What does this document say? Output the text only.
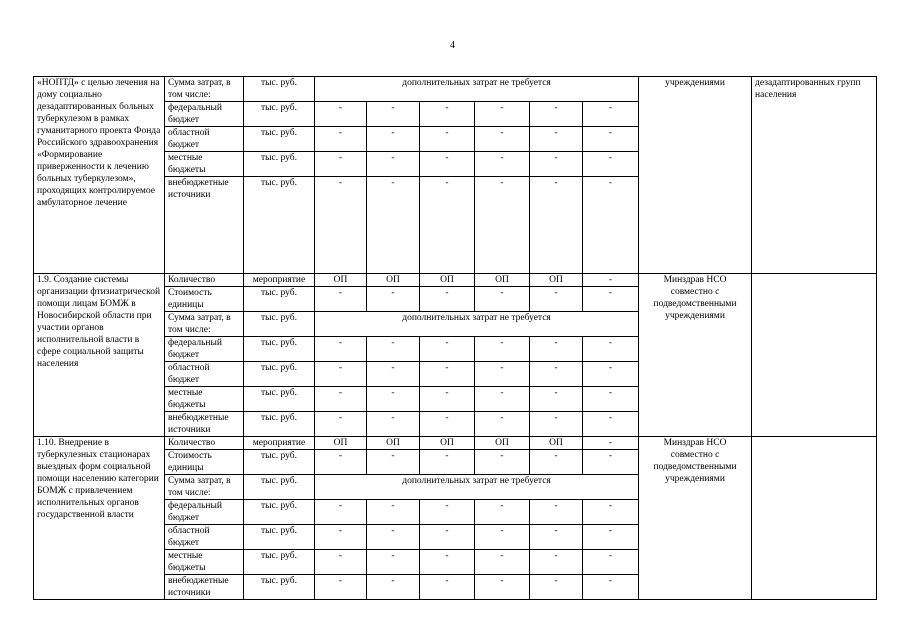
4
«НОПТД» с целью лечения на дому социально дезадаптированных больных туберкулезом в рамках гуманитарного проекта Фонда Российского здравоохранения «Формирование приверженности к лечению больных туберкулезом», проходящих контролируемое амбулаторное лечение	Сумма затрат, в том числе:	тыс. руб.	дополнительных затрат не требуется						учреждениями	дезадаптированных групп населения
	федеральный бюджет	тыс. руб.	-	-	-	-	-	-		
	областной бюджет	тыс. руб.	-	-	-	-	-	-		
	местные бюджеты	тыс. руб.	-	-	-	-	-	-		
	внебюджетные источники	тыс. руб.	-	-	-	-	-	-		
1.9. Создание системы организации фтизиатрической помощи лицам БОМЖ в Новосибирской области при участии органов исполнительной власти в сфере социальной защиты населения	Количество	мероприятие	ОП	ОП	ОП	ОП	ОП	-	Минздрав НСО совместно с подведомственными учреждениями	
	Стоимость единицы	тыс. руб.	-	-	-	-	-	-		
	Сумма затрат, в том числе:	тыс. руб.	дополнительных затрат не требуется							
	федеральный бюджет	тыс. руб.	-	-	-	-	-	-		
	областной бюджет	тыс. руб.	-	-	-	-	-	-		
	местные бюджеты	тыс. руб.	-	-	-	-	-	-		
	внебюджетные источники	тыс. руб.	-	-	-	-	-	-		
1.10. Внедрение в туберкулезных стационарах выездных форм социальной помощи населению категории БОМЖ с привлечением исполнительных органов государственной власти	Количество	мероприятие	ОП	ОП	ОП	ОП	ОП	-	Минздрав НСО совместно с подведомственными учреждениями	
	Стоимость единицы	тыс. руб.	-	-	-	-	-	-		
	Сумма затрат, в том числе:	тыс. руб.	дополнительных затрат не требуется							
	федеральный бюджет	тыс. руб.	-	-	-	-	-	-		
	областной бюджет	тыс. руб.	-	-	-	-	-	-		
	местные бюджеты	тыс. руб.	-	-	-	-	-	-		
	внебюджетные источники	тыс. руб.	-	-	-	-	-	-		
